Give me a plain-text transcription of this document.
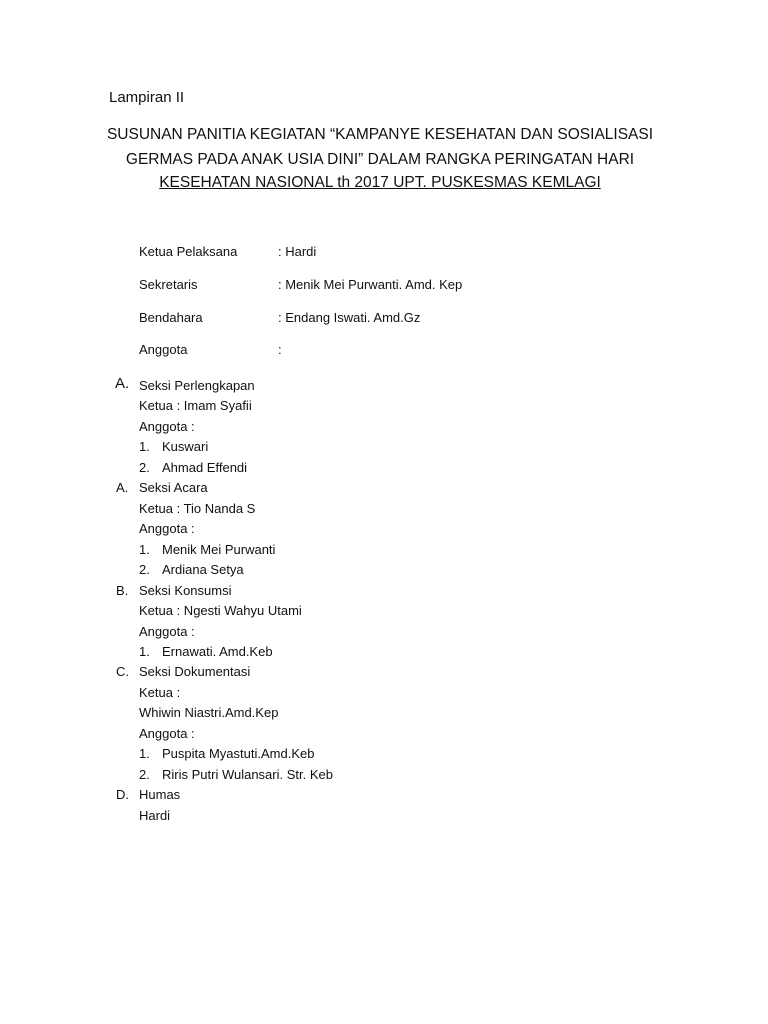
Lampiran II
SUSUNAN PANITIA KEGIATAN “KAMPANYE KESEHATAN DAN SOSIALISASI
GERMAS PADA ANAK USIA DINI” DALAM RANGKA PERINGATAN HARI
KESEHATAN NASIONAL th 2017 UPT. PUSKESMAS KEMLAGI
Ketua Pelaksana	: Hardi
Sekretaris	: Menik Mei Purwanti. Amd. Kep
Bendahara	: Endang Iswati. Amd.Gz
Anggota	:
A. Seksi Perlengkapan
Ketua : Imam Syafii
Anggota :
1. Kuswari
2. Ahmad Effendi
A. Seksi Acara
Ketua : Tio Nanda S
Anggota :
1. Menik Mei Purwanti
2. Ardiana Setya
B. Seksi Konsumsi
Ketua : Ngesti Wahyu Utami
Anggota :
1. Ernawati. Amd.Keb
C. Seksi Dokumentasi
Ketua :
Whiwin Niastri.Amd.Kep
Anggota :
1. Puspita Myastuti.Amd.Keb
2. Riris Putri Wulansari. Str. Keb
D. Humas
Hardi
